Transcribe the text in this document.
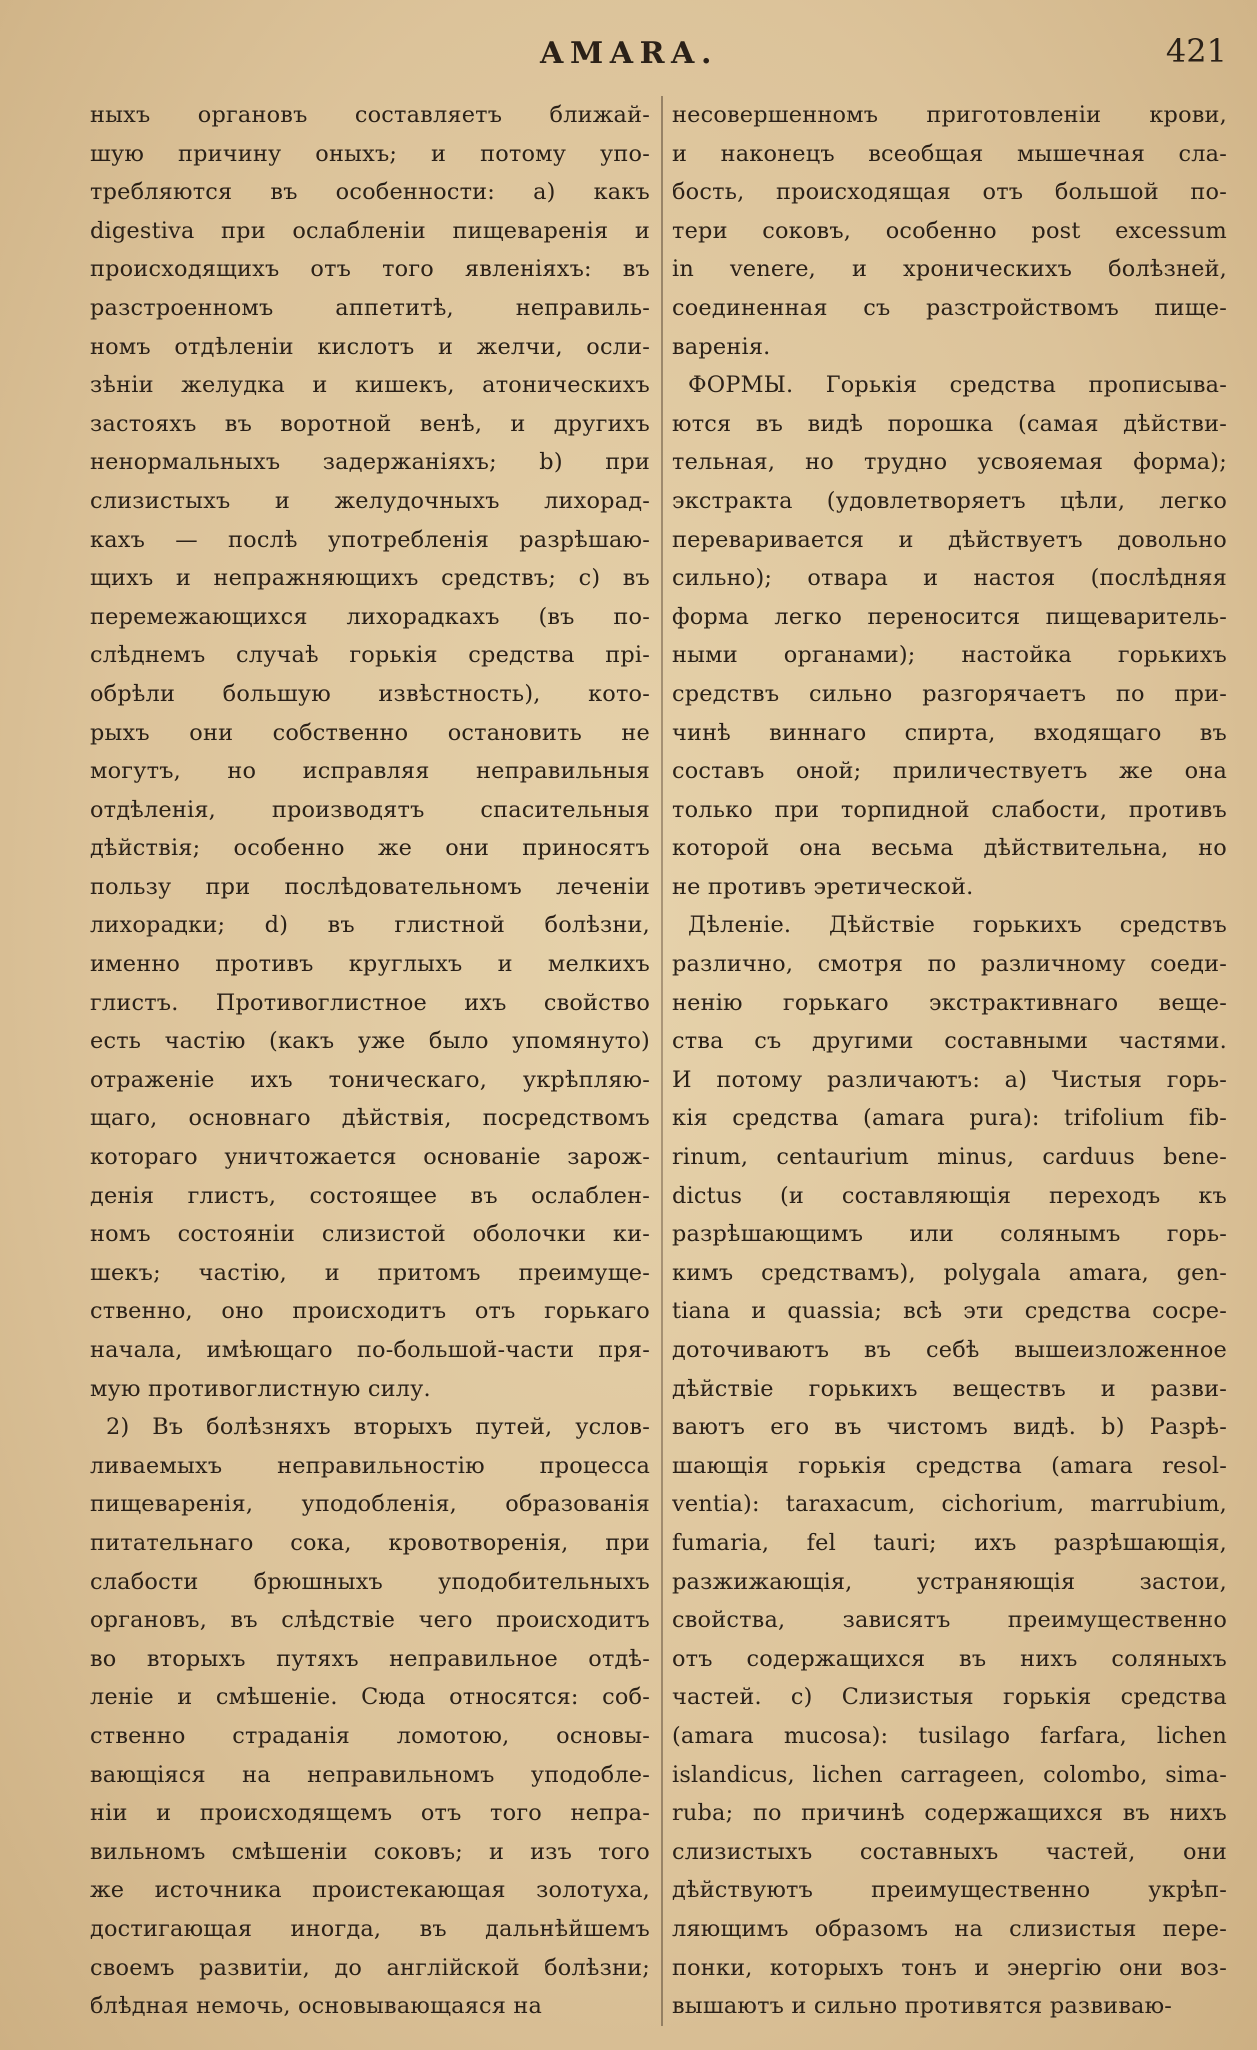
АМАRА.	421
ныхъ органовъ составляетъ ближай-
шую причину оныхъ; и потому упо-
требляются въ особенности: a) какъ
digestiva при ослабленіи пищеваренія и
происходящихъ отъ того явленіяхъ: въ
разстроенномъ аппетитѣ, неправиль-
номъ отдѣленіи кислотъ и желчи, осли-
зѣніи желудка и кишекъ, атоническихъ
застояхъ въ воротной венѣ, и другихъ
ненормальныхъ задержаніяхъ; b) при
слизистыхъ и желудочныхъ лихорад-
кахъ — послѣ употребленія разрѣшаю-
щихъ и непражняющихъ средствъ; c) въ
перемежающихся лихорадкахъ (въ по-
слѣднемъ случаѣ горькія средства прі-
обрѣли большую извѣстность), кото-
рыхъ они собственно остановить не
могутъ, но исправляя неправильныя
отдѣленія, производятъ спасительныя
дѣйствія; особенно же они приносятъ
пользу при послѣдовательномъ леченіи
лихорадки; d) въ глистной болѣзни,
именно противъ круглыхъ и мелкихъ
глистъ. Противоглистное ихъ свойство
есть частію (какъ уже было упомянуто)
отраженіе ихъ тоническаго, укрѣпляю-
щаго, основнаго дѣйствія, посредствомъ
котораго уничтожается основаніе зарож-
денія глистъ, состоящее въ ослаблен-
номъ состояніи слизистой оболочки ки-
шекъ; частію, и притомъ преимуще-
ственно, оно происходитъ отъ горькаго
начала, имѣющаго по-большой-части пря-
мую противоглистную силу.
2) Въ болѣзняхъ вторыхъ путей, услов-
ливаемыхъ неправильностію процесса
пищеваренія, уподобленія, образованія
питательнаго сока, кровотворенія, при
слабости брюшныхъ уподобительныхъ
органовъ, въ слѣдствіе чего происходитъ
во вторыхъ путяхъ неправильное отдѣ-
леніе и смѣшеніе. Сюда относятся: соб-
ственно страданія ломотою, основы-
вающіяся на неправильномъ уподобле-
ніи и происходящемъ отъ того непра-
вильномъ смѣшеніи соковъ; и изъ того
же источника проистекающая золотуха,
достигающая иногда, въ дальнѣйшемъ
своемъ развитіи, до англійской болѣзни;
блѣдная немочь, основывающаяся на
несовершенномъ приготовленіи крови,
и наконецъ всеобщая мышечная сла-
бость, происходящая отъ большой по-
тери соковъ, особенно post excessum
in venere, и хроническихъ болѣзней,
соединенная съ разстройствомъ пище-
варенія.
ФОРМЫ. Горькія средства прописыва-
ются въ видѣ порошка (самая дѣйстви-
тельная, но трудно усвояемая форма);
экстракта (удовлетворяетъ цѣли, легко
переваривается и дѣйствуетъ довольно
сильно); отвара и настоя (послѣдняя
форма легко переносится пищеваритель-
ными органами); настойка горькихъ
средствъ сильно разгорячаетъ по при-
чинѣ виннаго спирта, входящаго въ
составъ оной; приличествуетъ же она
только при торпидной слабости, противъ
которой она весьма дѣйствительна, но
не противъ эретической.
Дѣленіе. Дѣйствіе горькихъ средствъ
различно, смотря по различному соеди-
ненію горькаго экстрактивнаго веще-
ства съ другими составными частями.
И потому различаютъ: a) Чистыя горь-
кія средства (amara pura): trifolium fib-
rinum, centaurium minus, carduus bene-
dictus (и составляющія переходъ къ
разрѣшающимъ или солянымъ горь-
кимъ средствамъ), polygala amara, gen-
tiana и quassia; всѣ эти средства сосре-
доточиваютъ въ себѣ вышеизложенное
дѣйствіе горькихъ веществъ и разви-
ваютъ его въ чистомъ видѣ. b) Разрѣ-
шающія горькія средства (amara resol-
ventia): taraxacum, cichorium, marrubium,
fumaria, fel tauri; ихъ разрѣшающія,
разжижающія, устраняющія застои,
свойства, зависятъ преимущественно
отъ содержащихся въ нихъ соляныхъ
частей. c) Слизистыя горькія средства
(amara mucosa): tusilago farfara, lichen
islandicus, lichen carrageen, colombo, sima-
ruba; по причинѣ содержащихся въ нихъ
слизистыхъ составныхъ частей, они
дѣйствуютъ преимущественно укрѣп-
ляющимъ образомъ на слизистыя пере-
понки, которыхъ тонъ и энергію они воз-
вышаютъ и сильно противятся развиваю-
